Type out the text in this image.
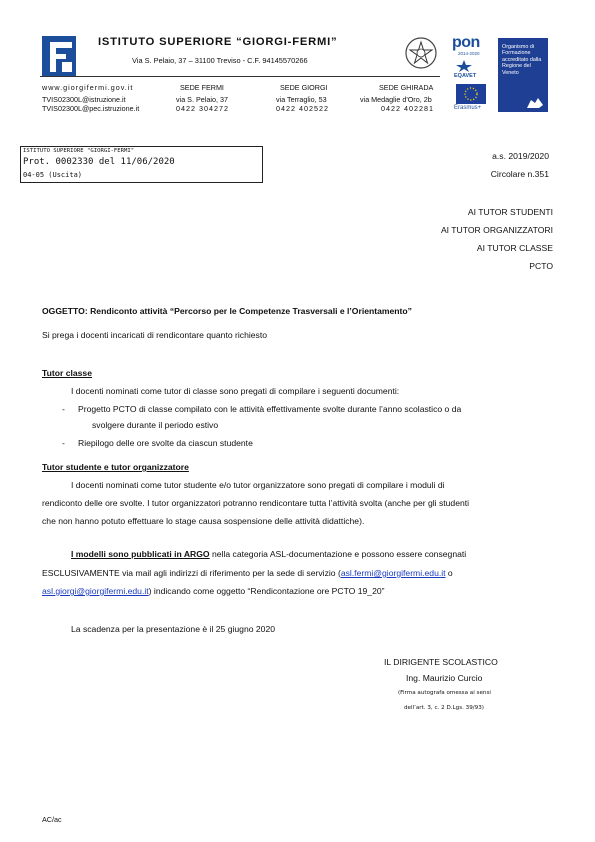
ISTITUTO SUPERIORE “GIORGI-FERMI”
Via S. Pelaio, 37 – 31100 Treviso - C.F. 94145570266
www.giorgifermi.gov.it
TVIS02300L@istruzione.it
TVIS02300L@pec.istruzione.it
SEDE FERMI
via S. Pelaio, 37
0422 304272
SEDE GIORGI
via Terraglio, 53
0422 402522
SEDE GHIRADA
via Medaglie d'Oro, 2b
0422 402281
pon
2014-2020
EQAVET
Erasmus+
Organismo di Formazione accreditato dalla Regione del Veneto
ISTITUTO SUPERIORE "GIORGI-FERMI"
Prot. 0002330 del 11/06/2020
04-05 (Uscita)
a.s. 2019/2020
Circolare n.351
AI TUTOR STUDENTI
AI TUTOR ORGANIZZATORI
AI TUTOR CLASSE
PCTO
OGGETTO: Rendiconto attività “Percorso per le Competenze Trasversali e l’Orientamento”
Si prega i docenti incaricati di rendicontare quanto richiesto
Tutor classe
I docenti nominati come tutor di classe sono pregati di compilare i seguenti documenti:
- Progetto PCTO di classe compilato con le attività effettivamente svolte durante l’anno scolastico o da
svolgere durante il periodo estivo
- Riepilogo delle ore svolte da ciascun studente
Tutor studente e tutor organizzatore
I docenti nominati come tutor studente e/o tutor organizzatore sono pregati di compilare i moduli di
rendiconto delle ore svolte. I tutor organizzatori potranno rendicontare tutta l’attività svolta (anche per gli studenti
che non hanno potuto effettuare lo stage causa sospensione delle attività didattiche).
I modelli sono pubblicati in ARGO nella categoria ASL-documentazione e possono essere consegnati
ESCLUSIVAMENTE via mail agli indirizzi di riferimento per la sede di servizio (asl.fermi@giorgifermi.edu.it o
asl.giorgi@giorgifermi.edu.it) indicando come oggetto “Rendicontazione ore PCTO 19_20”
La scadenza per la presentazione è il 25 giugno 2020
IL DIRIGENTE SCOLASTICO
Ing. Maurizio Curcio
(Firma autografa omessa ai sensi
dell’art. 3, c. 2 D.Lgs. 39/93)
AC/ac
